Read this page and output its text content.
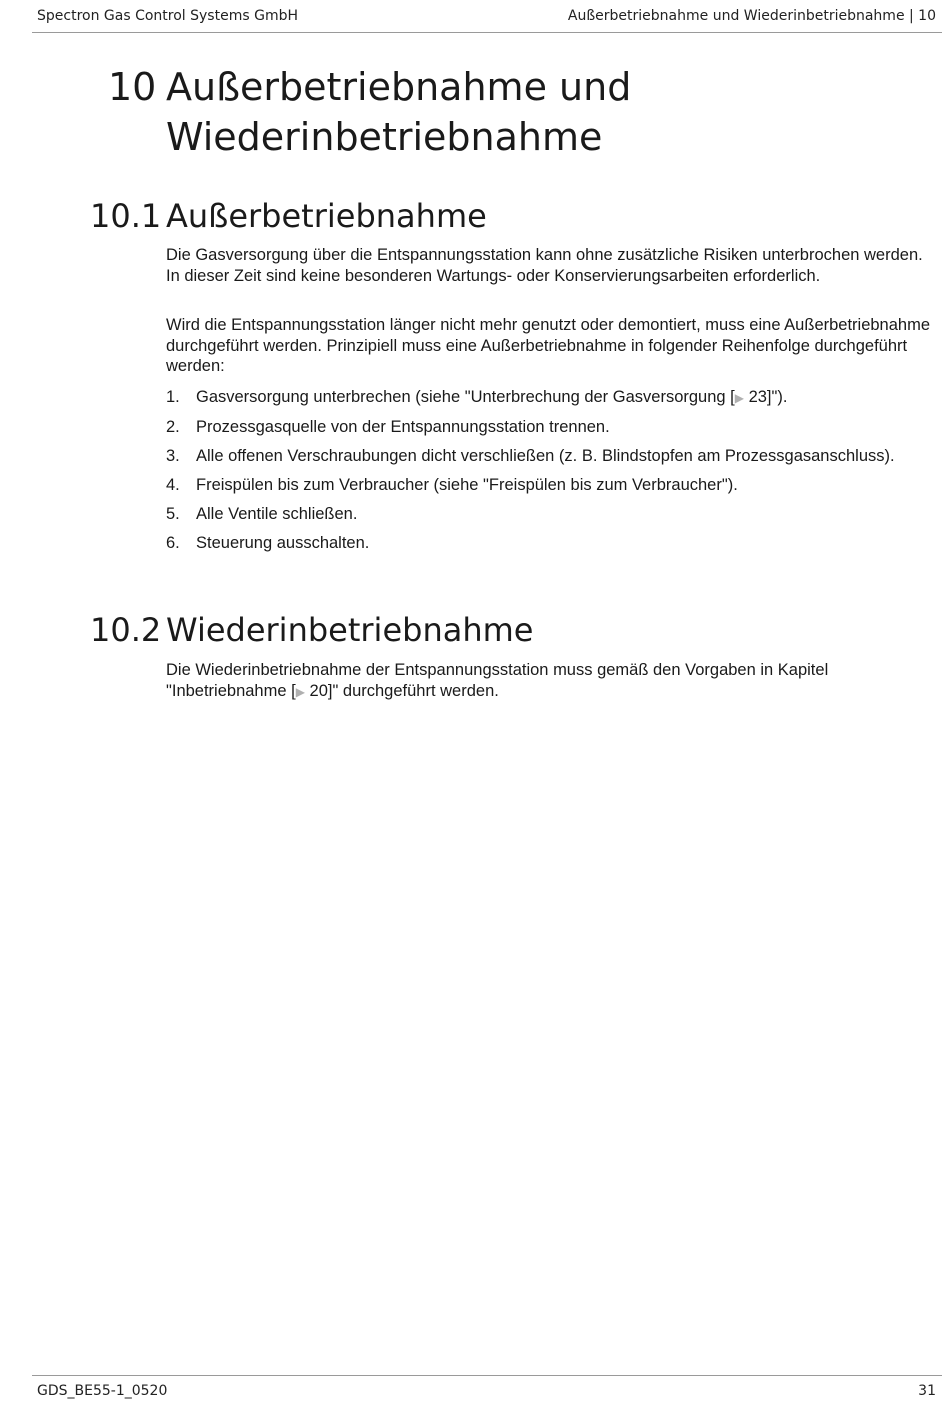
Spectron Gas Control Systems GmbH	Außerbetriebnahme und Wiederinbetriebnahme | 10
10 Außerbetriebnahme und Wiederinbetriebnahme
10.1 Außerbetriebnahme

Die Gasversorgung über die Entspannungsstation kann ohne zusätzliche Risiken unterbrochen werden. In dieser Zeit sind keine besonderen Wartungs- oder Konservierungsarbeiten erforderlich.

Wird die Entspannungsstation länger nicht mehr genutzt oder demontiert, muss eine Außerbetriebnahme durchgeführt werden. Prinzipiell muss eine Außerbetriebnahme in folgender Reihenfolge durchgeführt werden:

1. Gasversorgung unterbrechen (siehe "Unterbrechung der Gasversorgung [▶ 23]").
2. Prozessgasquelle von der Entspannungsstation trennen.
3. Alle offenen Verschraubungen dicht verschließen (z. B. Blindstopfen am Prozessgasanschluss).
4. Freispülen bis zum Verbraucher (siehe "Freispülen bis zum Verbraucher").
5. Alle Ventile schließen.
6. Steuerung ausschalten.
10.2 Wiederinbetriebnahme

Die Wiederinbetriebnahme der Entspannungsstation muss gemäß den Vorgaben in Kapitel "Inbetriebnahme [▶ 20]" durchgeführt werden.

GDS_BE55-1_0520	31
